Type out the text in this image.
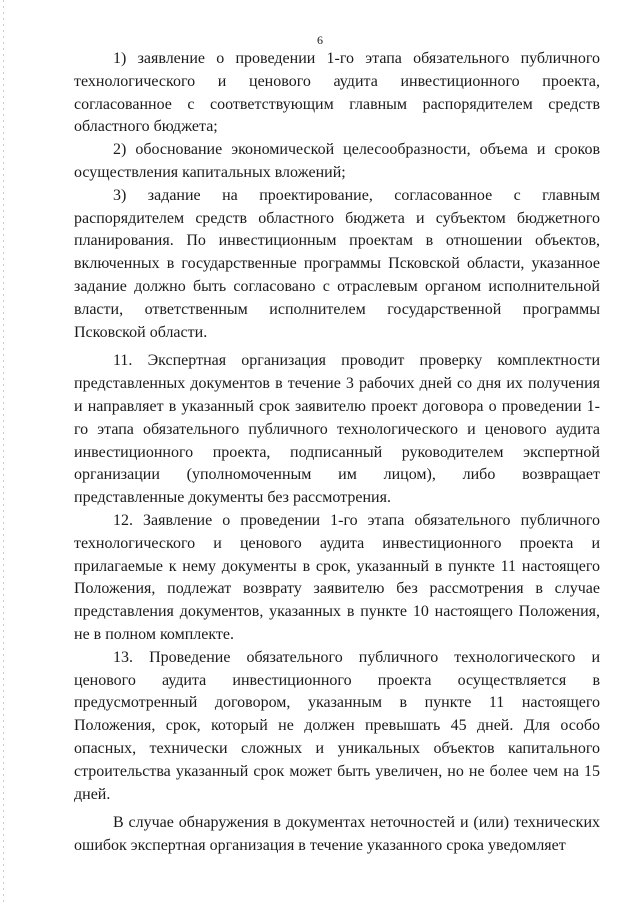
6

1)  заявление  о  проведении  1-го  этапа  обязательного  публичного технологического и ценового аудита инвестиционного проекта, согласованное с соответствующим главным распорядителем средств областного бюджета;

2) обоснование экономической целесообразности, объема и сроков осуществления капитальных вложений;

3) задание на проектирование, согласованное с главным распорядителем средств областного бюджета и субъектом бюджетного планирования. По инвестиционным проектам в отношении объектов, включенных в государственные программы Псковской области, указанное задание должно быть согласовано с отраслевым органом исполнительной власти, ответственным исполнителем государственной программы Псковской области.

11.  Экспертная  организация  проводит  проверку  комплектности представленных документов в течение 3 рабочих дней со дня их получения и направляет в указанный срок заявителю проект договора о проведении 1- го этапа обязательного публичного технологического и ценового аудита инвестиционного проекта, подписанный руководителем экспертной организации (уполномоченным им лицом), либо возвращает представленные документы без рассмотрения.

12. Заявление о проведении 1-го этапа обязательного публичного технологического и ценового аудита инвестиционного проекта и прилагаемые к нему документы в срок, указанный в пункте 11 настоящего Положения, подлежат возврату заявителю без рассмотрения в случае представления документов, указанных в пункте 10 настоящего Положения, не в полном комплекте.

13. Проведение обязательного публичного технологического и ценового аудита инвестиционного проекта осуществляется в предусмотренный договором, указанным в пункте 11 настоящего Положения, срок, который не должен превышать 45 дней. Для особо опасных, технически сложных и уникальных объектов капитального строительства указанный срок может быть увеличен, но не более чем на 15 дней.

В случае обнаружения в документах неточностей и (или) технических ошибок экспертная организация в течение указанного срока уведомляет
